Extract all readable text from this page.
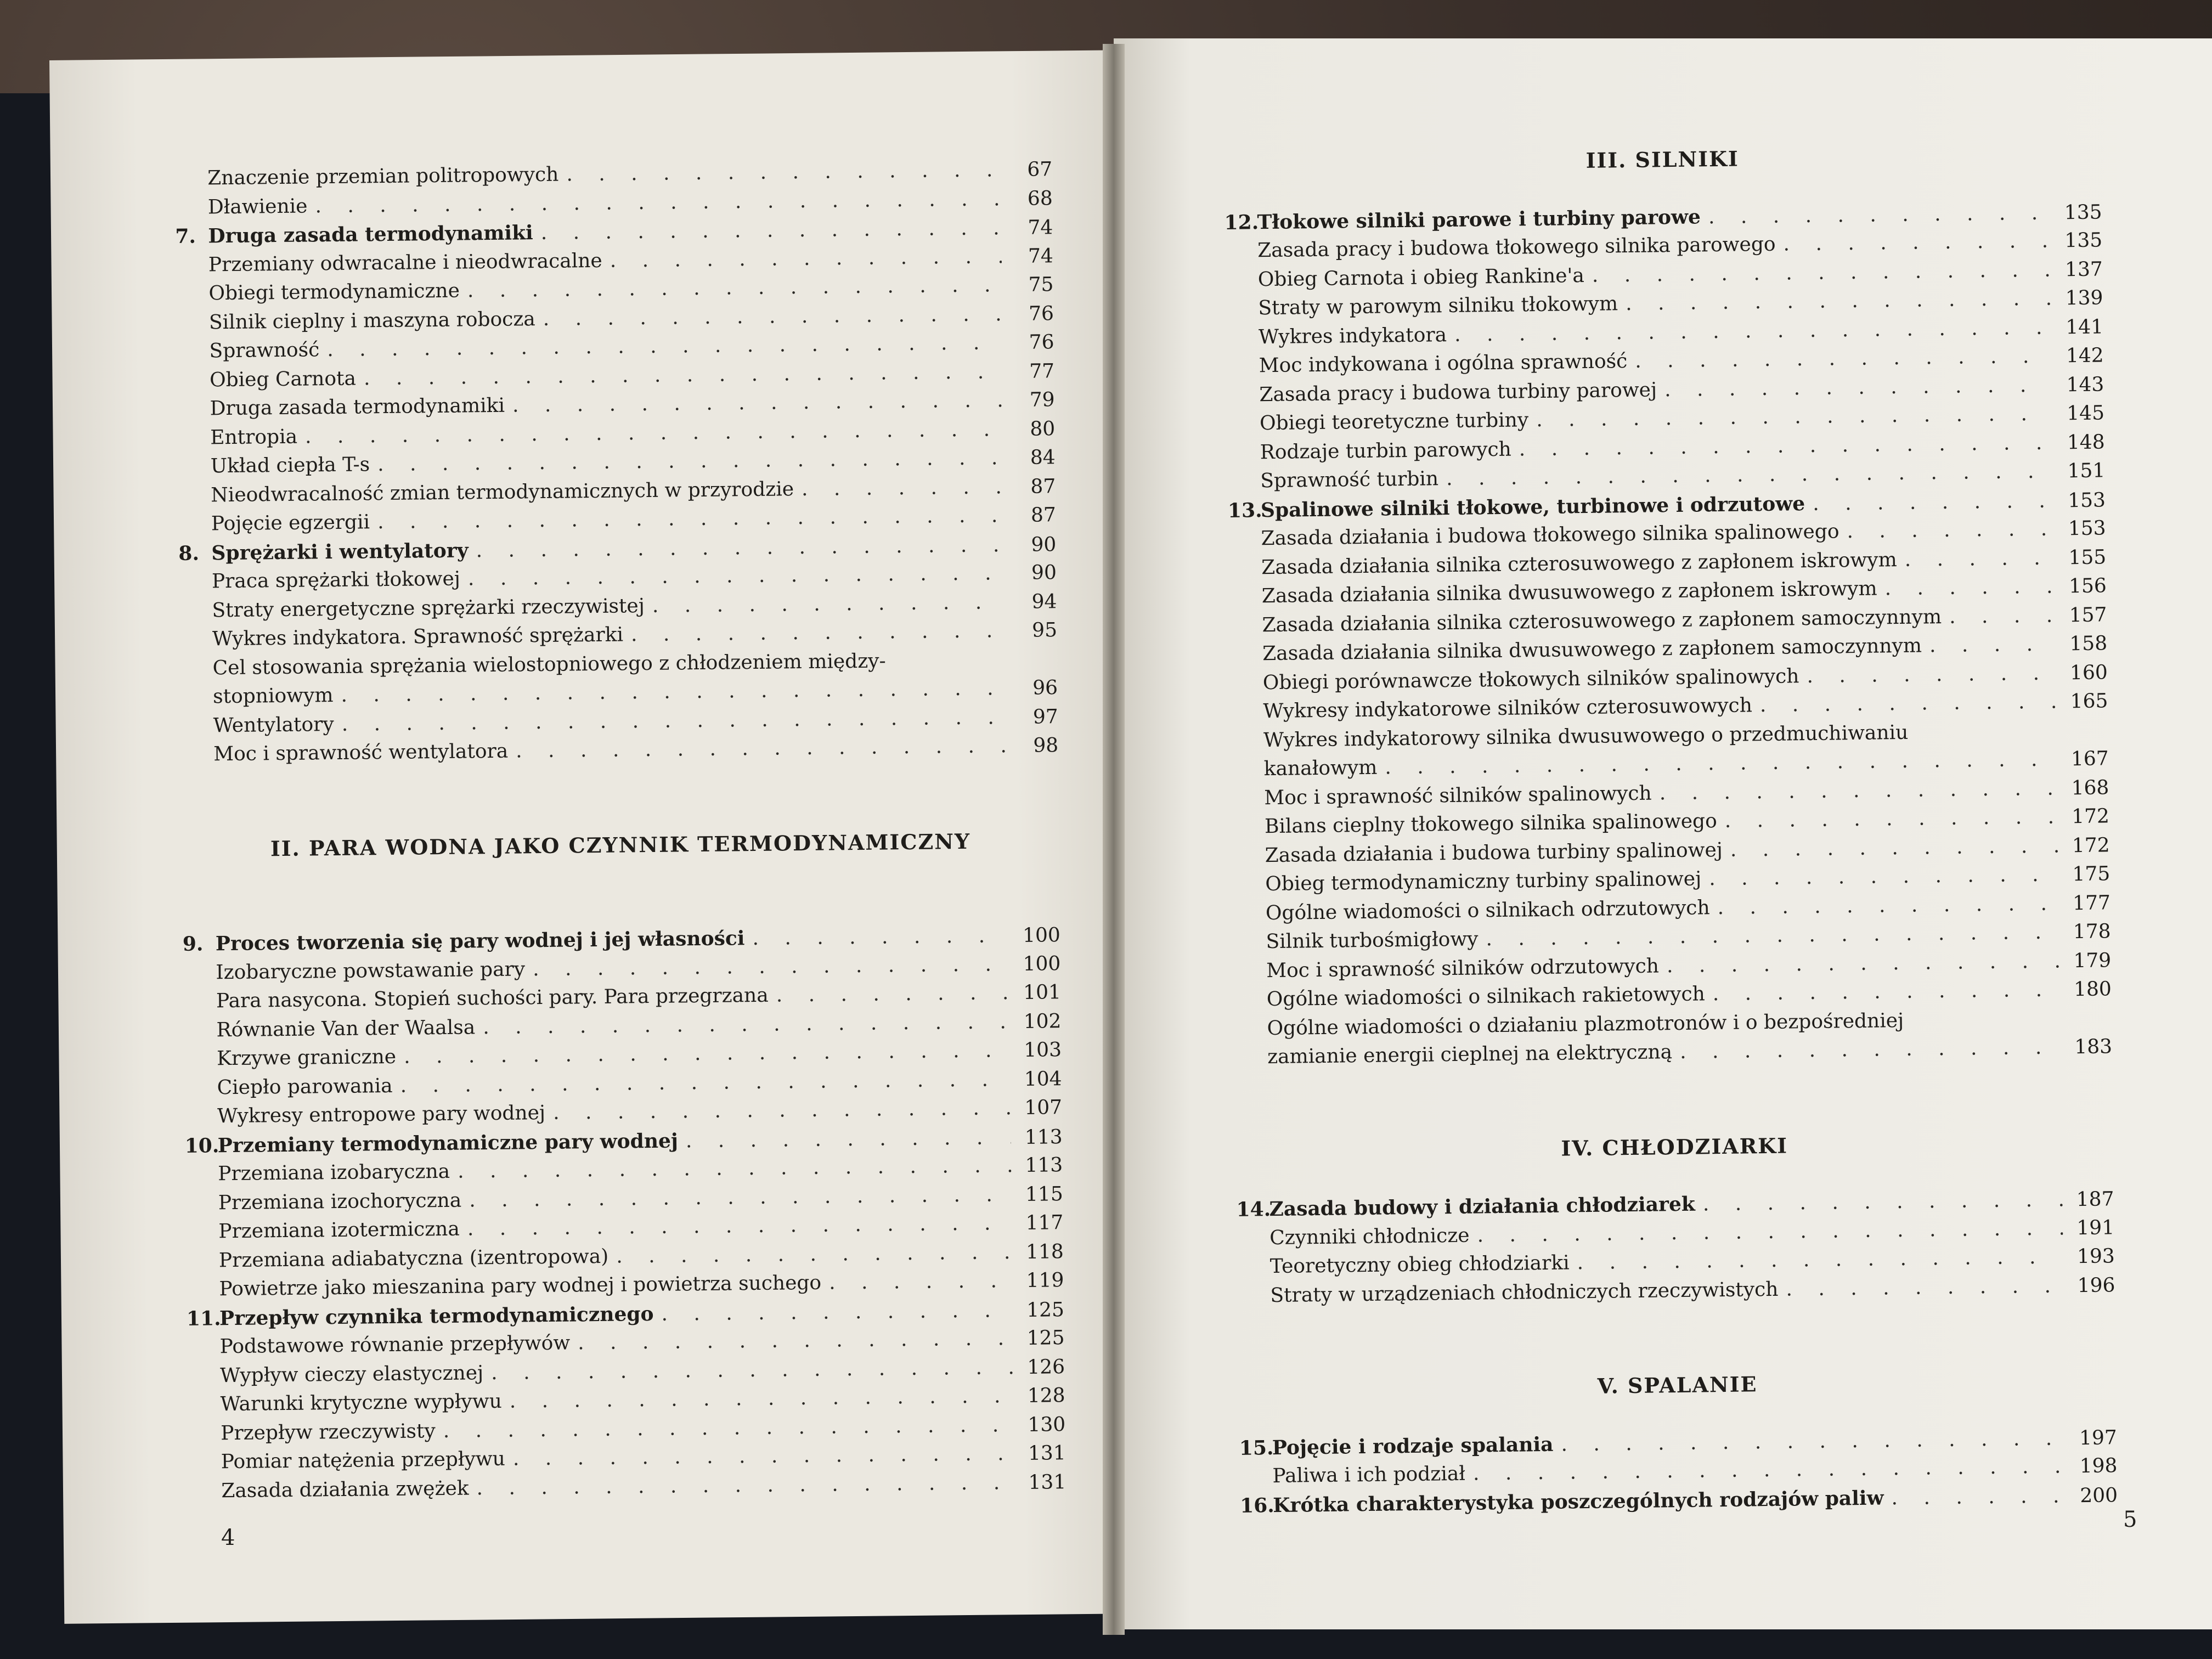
Znaczenie przemian politropowych . . .	67
Dławienie . . .	68
7. Druga zasada termodynamiki . . .	74
Przemiany odwracalne i nieodwracalne . . .	74
Obiegi termodynamiczne . . .	75
Silnik cieplny i maszyna robocza . . .	76
Sprawność . . .	76
Obieg Carnota . . .	77
Druga zasada termodynamiki . . .	79
Entropia . . .	80
Układ ciepła T-s . . .	84
Nieodwracalność zmian termodynamicznych w przyrodzie . . .	87
Pojęcie egzergii . . .	87
8. Sprężarki i wentylatory . . .	90
Praca sprężarki tłokowej . . .	90
Straty energetyczne sprężarki rzeczywistej . . .	94
Wykres indykatora. Sprawność sprężarki . . .	95
Cel stosowania sprężania wielostopniowego z chłodzeniem między-
stopniowym . . .	96
Wentylatory . . .	97
Moc i sprawność wentylatora . . .	98
II. PARA WODNA JAKO CZYNNIK TERMODYNAMICZNY
9. Proces tworzenia się pary wodnej i jej własności . . .	100
Izobaryczne powstawanie pary . . .	100
Para nasycona. Stopień suchości pary. Para przegrzana . . .	101
Równanie Van der Waalsa . . .	102
Krzywe graniczne . . .	103
Ciepło parowania . . .	104
Wykresy entropowe pary wodnej . . .	107
10.
Przemiany termodynamiczne pary wodnej . . .	113
Przemiana izobaryczna . . .	113
Przemiana izochoryczna . . .	115
Przemiana izotermiczna . . .	117
Przemiana adiabatyczna (izentropowa) . . .	118
Powietrze jako mieszanina pary wodnej i powietrza suchego . . .	119
11.
Przepływ czynnika termodynamicznego . . .	125
Podstawowe równanie przepływów . . .	125
Wypływ cieczy elastycznej . . .	126
Warunki krytyczne wypływu . . .	128
Przepływ rzeczywisty . . .	130
Pomiar natężenia przepływu . . .	131
Zasada działania zwężek . . .	131
III. SILNIKI
12.
Tłokowe silniki parowe i turbiny parowe . . .	135
Zasada pracy i budowa tłokowego silnika parowego . . .	135
Obieg Carnota i obieg Rankine'a . . .	137
Straty w parowym silniku tłokowym . . .	139
Wykres indykatora . . .	141
Moc indykowana i ogólna sprawność . . .	142
Zasada pracy i budowa turbiny parowej . . .	143
Obiegi teoretyczne turbiny . . .	145
Rodzaje turbin parowych . . .	148
Sprawność turbin . . .	151
13.
Spalinowe silniki tłokowe, turbinowe i odrzutowe . . .	153
Zasada działania i budowa tłokowego silnika spalinowego . . .	153
Zasada działania silnika czterosuwowego z zapłonem iskrowym . . .	155
Zasada działania silnika dwusuwowego z zapłonem iskrowym . . .	156
Zasada działania silnika czterosuwowego z zapłonem samoczynnym . . .	157
Zasada działania silnika dwusuwowego z zapłonem samoczynnym . . .	158
Obiegi porównawcze tłokowych silników spalinowych . . .	160
Wykresy indykatorowe silników czterosuwowych . . .	165
Wykres indykatorowy silnika dwusuwowego o przedmuchiwaniu
kanałowym . . .	167
Moc i sprawność silników spalinowych . . .	168
Bilans cieplny tłokowego silnika spalinowego . . .	172
Zasada działania i budowa turbiny spalinowej . . .	172
Obieg termodynamiczny turbiny spalinowej . . .	175
Ogólne wiadomości o silnikach odrzutowych . . .	177
Silnik turbośmigłowy . . .	178
Moc i sprawność silników odrzutowych . . .	179
Ogólne wiadomości o silnikach rakietowych . . .	180
Ogólne wiadomości o działaniu plazmotronów i o bezpośredniej
zamianie energii cieplnej na elektryczną . . .	183
IV. CHŁODZIARKI
14.
Zasada budowy i działania chłodziarek . . .	187
Czynniki chłodnicze . . .	191
Teoretyczny obieg chłodziarki . . .	193
Straty w urządzeniach chłodniczych rzeczywistych . . .	196
V. SPALANIE
15.
Pojęcie i rodzaje spalania . . .	197
Paliwa i ich podział . . .	198
16.
Krótka charakterystyka poszczególnych rodzajów paliw . . .	200
4
5
